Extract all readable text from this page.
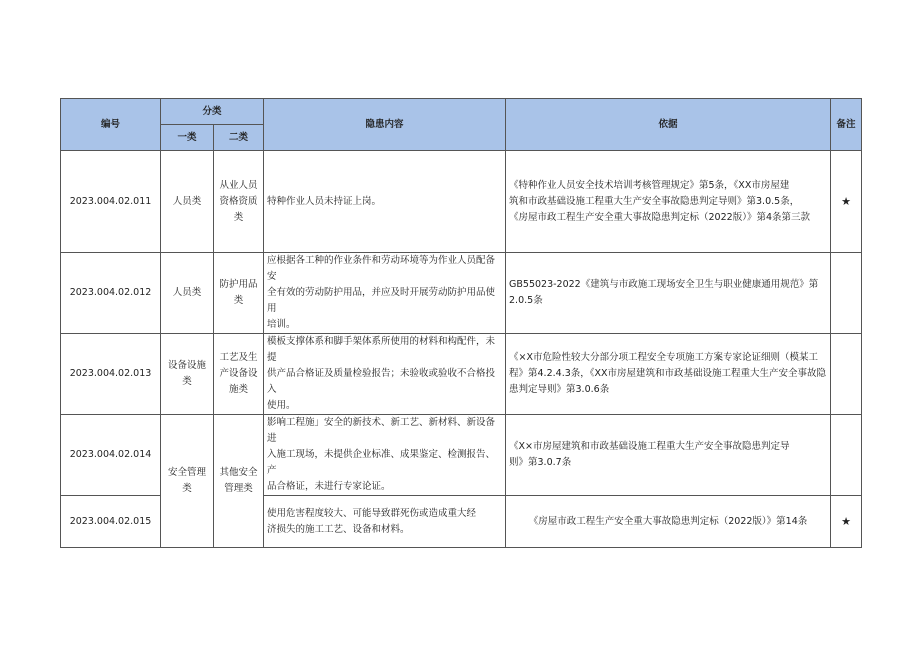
编号	分类		隐患内容	依据	备注
	一类	二类			
2023.004.02.011	人员类	从业人员
资格资质
类	特种作业人员未持证上岗。	《特种作业人员安全技术培训考核管理规定》第5条，《XX市房屋建
筑和市政基础设施工程重大生产安全事故隐患判定导则》第3.0.5条，
《房屋市政工程生产安全重大事故隐患判定标（2022版）》第4条第三款	★
2023.004.02.012	人员类	防护用品
类	应根据各工种的作业条件和劳动环境等为作业人员配备安
全有效的劳动防护用品，并应及时开展劳动防护用品使用
培训。	GB55023-2022《建筑与市政施工现场安全卫生与职业健康通用规范》第
2.0.5条	

2023.004.02.013	设备设施类	工艺及生
产设备设
施类	模板支撑体系和脚手架体系所使用的材料和构配件，未提
供产品合格证及质量检验报告；未验收或验收不合格投入
使用。	《×X市危险性较大分部分项工程安全专项施工方案专家论证细则（模某工
程》第4.2.4.3条，《XX市房屋建筑和市政基础设施工程重大生产安全事故隐
患判定导则》第3.0.6条	

2023.004.02.014	安全管理类	其他安全
管理类	影响工程施」安全的新技术、新工艺、新材料、新设备进
入施工现场，未提供企业标准、成果鉴定、检测报告、产
品合格证，未进行专家论证。	《X×市房屋建筑和市政基础设施工程重大生产安全事故隐患判定导
则》第3.0.7条	

2023.004.02.015			使用危害程度较大、可能导致群死伤或造成重大经
济损失的施工工艺、设备和材料。	《房屋市政工程生产安全重大事故隐患判定标（2022版）》第14条	★
